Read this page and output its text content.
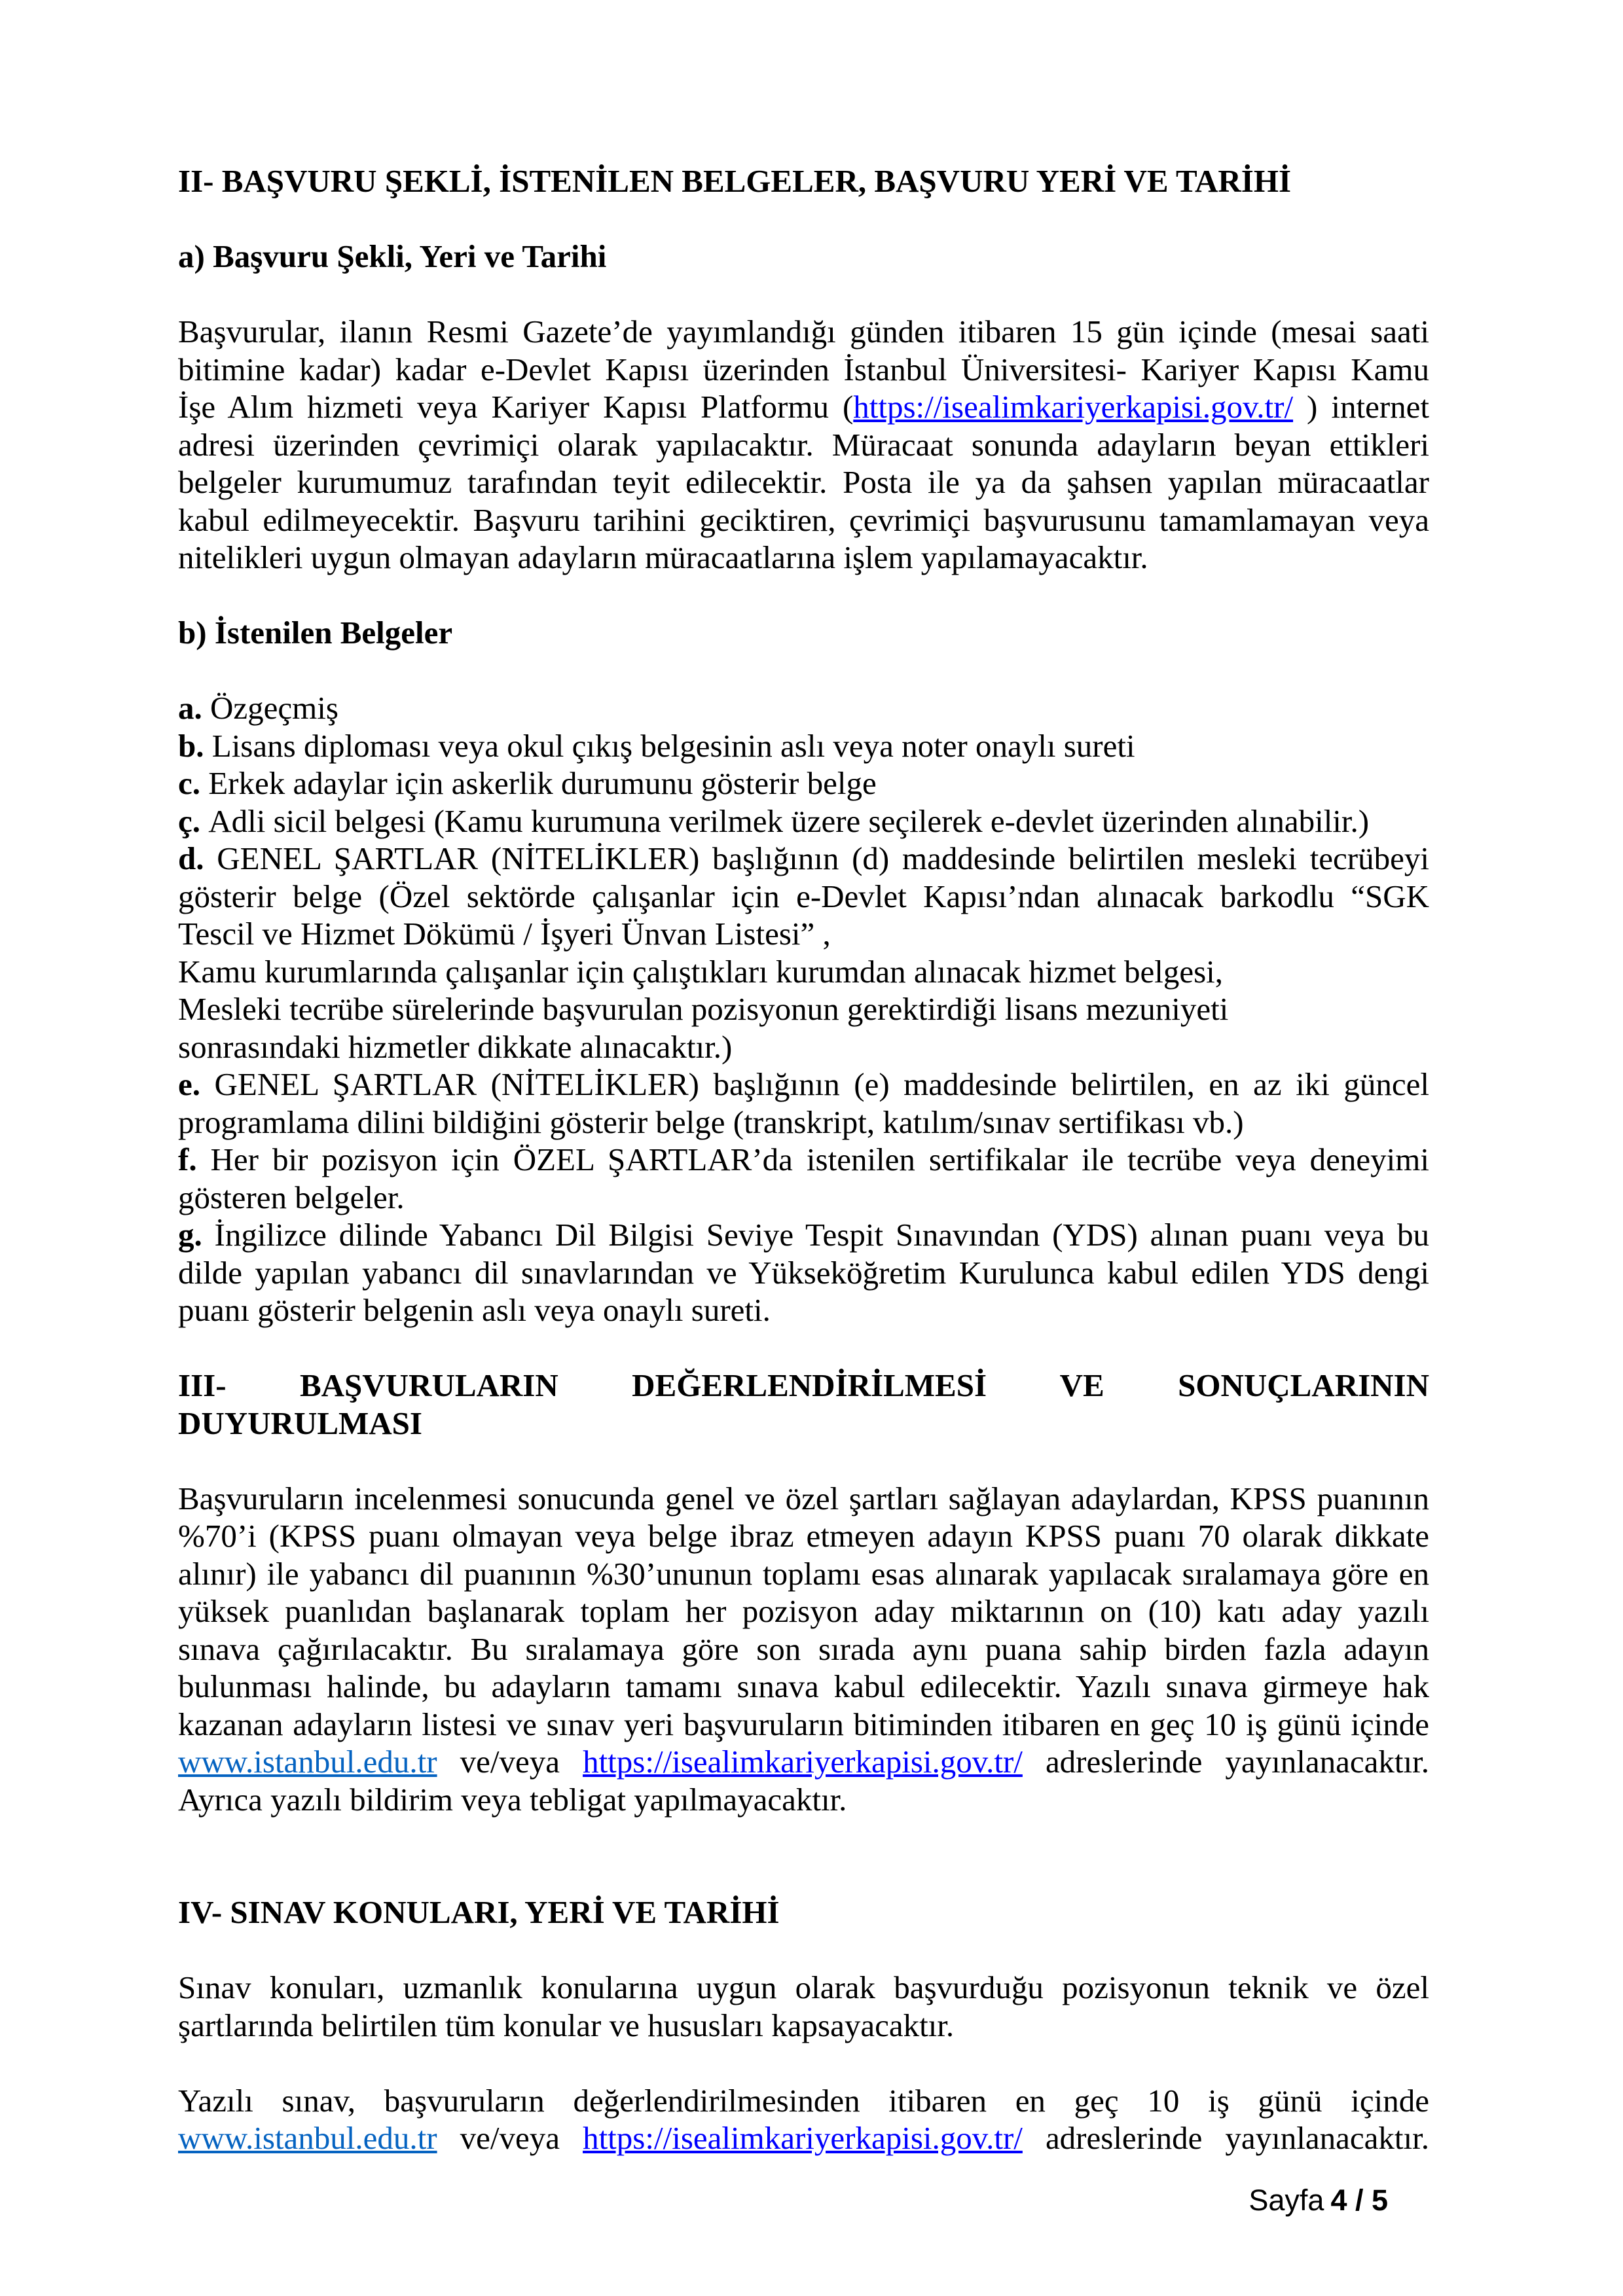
II- BAŞVURU ŞEKLİ, İSTENİLEN BELGELER, BAŞVURU YERİ VE TARİHİ
a) Başvuru Şekli, Yeri ve Tarihi
Başvurular, ilanın Resmi Gazete’de yayımlandığı günden itibaren 15 gün içinde (mesai saati
bitimine kadar) kadar e-Devlet Kapısı üzerinden İstanbul Üniversitesi- Kariyer Kapısı Kamu
İşe Alım hizmeti veya Kariyer Kapısı Platformu (https://isealimkariyerkapisi.gov.tr/ ) internet
adresi üzerinden çevrimiçi olarak yapılacaktır. Müracaat sonunda adayların beyan ettikleri
belgeler kurumumuz tarafından teyit edilecektir. Posta ile ya da şahsen yapılan müracaatlar
kabul edilmeyecektir. Başvuru tarihini geciktiren, çevrimiçi başvurusunu tamamlamayan veya
nitelikleri uygun olmayan adayların müracaatlarına işlem yapılamayacaktır.
b) İstenilen Belgeler
a. Özgeçmiş
b. Lisans diploması veya okul çıkış belgesinin aslı veya noter onaylı sureti
c. Erkek adaylar için askerlik durumunu gösterir belge
ç. Adli sicil belgesi (Kamu kurumuna verilmek üzere seçilerek e-devlet üzerinden alınabilir.)
d. GENEL ŞARTLAR (NİTELİKLER) başlığının (d) maddesinde belirtilen mesleki tecrübeyi
gösterir belge (Özel sektörde çalışanlar için e-Devlet Kapısı’ndan alınacak barkodlu “SGK
Tescil ve Hizmet Dökümü / İşyeri Ünvan Listesi” ,
Kamu kurumlarında çalışanlar için çalıştıkları kurumdan alınacak hizmet belgesi,
Mesleki tecrübe sürelerinde başvurulan pozisyonun gerektirdiği lisans mezuniyeti
sonrasındaki hizmetler dikkate alınacaktır.)
e. GENEL ŞARTLAR (NİTELİKLER) başlığının (e) maddesinde belirtilen, en az iki güncel
programlama dilini bildiğini gösterir belge (transkript, katılım/sınav sertifikası vb.)
f. Her bir pozisyon için ÖZEL ŞARTLAR’da istenilen sertifikalar ile tecrübe veya deneyimi
gösteren belgeler.
g. İngilizce dilinde Yabancı Dil Bilgisi Seviye Tespit Sınavından (YDS) alınan puanı veya bu
dilde yapılan yabancı dil sınavlarından ve Yükseköğretim Kurulunca kabul edilen YDS dengi
puanı gösterir belgenin aslı veya onaylı sureti.
III- BAŞVURULARIN DEĞERLENDİRİLMESİ VE SONUÇLARININ
DUYURULMASI
Başvuruların incelenmesi sonucunda genel ve özel şartları sağlayan adaylardan, KPSS puanının
%70’i (KPSS puanı olmayan veya belge ibraz etmeyen adayın KPSS puanı 70 olarak dikkate
alınır) ile yabancı dil puanının %30’ununun toplamı esas alınarak yapılacak sıralamaya göre en
yüksek puanlıdan başlanarak toplam her pozisyon aday miktarının on (10) katı aday yazılı
sınava çağırılacaktır. Bu sıralamaya göre son sırada aynı puana sahip birden fazla adayın
bulunması halinde, bu adayların tamamı sınava kabul edilecektir. Yazılı sınava girmeye hak
kazanan adayların listesi ve sınav yeri başvuruların bitiminden itibaren en geç 10 iş günü içinde
www.istanbul.edu.tr ve/veya https://isealimkariyerkapisi.gov.tr/ adreslerinde yayınlanacaktır.
Ayrıca yazılı bildirim veya tebligat yapılmayacaktır.
IV- SINAV KONULARI, YERİ VE TARİHİ
Sınav konuları, uzmanlık konularına uygun olarak başvurduğu pozisyonun teknik ve özel
şartlarında belirtilen tüm konular ve hususları kapsayacaktır.
Yazılı sınav, başvuruların değerlendirilmesinden itibaren en geç 10 iş günü içinde
www.istanbul.edu.tr ve/veya https://isealimkariyerkapisi.gov.tr/ adreslerinde yayınlanacaktır.
Sayfa 4 / 5
